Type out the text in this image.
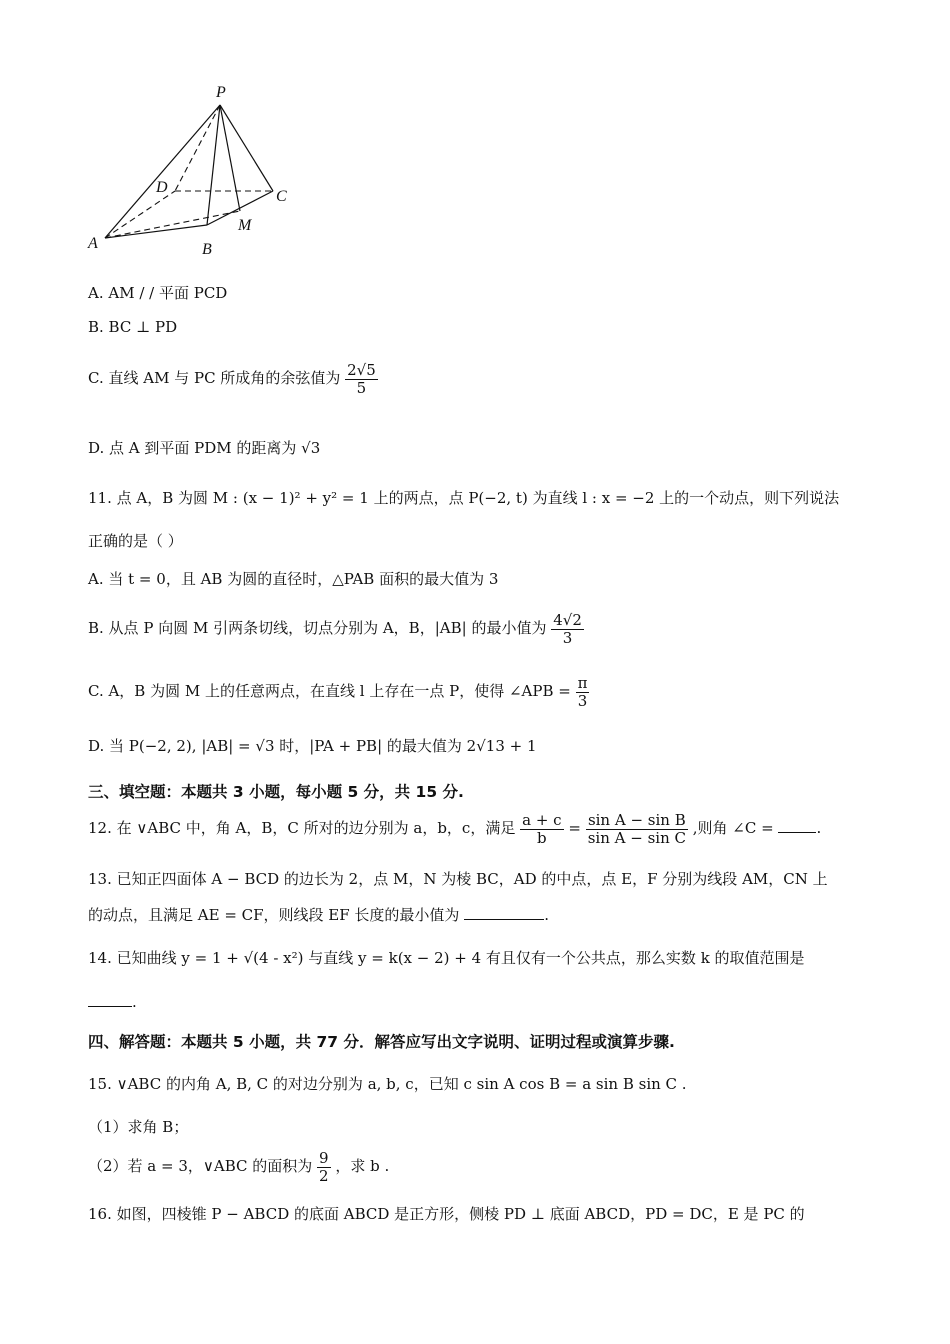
P
D
C
M
A	B
A. AM / / 平面 PCD
B. BC ⊥ PD
C. 直线 AM 与 PC 所成角的余弦值为 $\frac{2√5}{5}$
D. 点 A 到平面 PDM 的距离为 √3
11. 点 A，B 为圆 M : (x − 1)² + y² = 1 上的两点，点 P(−2, t) 为直线 l : x = −2 上的一个动点，则下列说法
正确的是（ ）
A. 当 t = 0，且 AB 为圆的直径时，△PAB 面积的最大值为 3
B. 从点 P 向圆 M 引两条切线，切点分别为 A，B，|AB| 的最小值为 $\frac{4√2}{3}$
C. A，B 为圆 M 上的任意两点，在直线 l 上存在一点 P，使得 ∠APB = $\frac{\pi}{3}$
D. 当 P(−2, 2), |AB| = √3 时，|PA + PB| 的最大值为 2√13 + 1
三、填空题：本题共 3 小题，每小题 5 分，共 15 分.
12. 在 ∨ABC 中，角 A，B，C 所对的边分别为 a，b，c，满足 $\frac{a + c}{b} = \frac{\text{sin A − sin B}}{\text{sin A − sin C}}$ ,则角 ∠C =	.
13. 已知正四面体 A − BCD 的边长为 2，点 M，N 为棱 BC，AD 的中点，点 E，F 分别为线段 AM，CN 上
的动点，且满足 AE = CF，则线段 EF 长度的最小值为	.
14. 已知曲线 y = 1 + √(4 - x²) 与直线 y = k(x − 2) + 4 有且仅有一个公共点，那么实数 k 的取值范围是
.
四、解答题：本题共 5 小题，共 77 分．解答应写出文字说明、证明过程或演算步骤.
15. ∨ABC 的内角 A, B, C 的对边分别为 a, b, c，已知 c sin A cos B = a sin B sin C .
（1）求角 B；
（2）若 a = 3，∨ABC 的面积为 $\frac{9}{2}$ ，求 b .
16. 如图，四棱锥 P − ABCD 的底面 ABCD 是正方形，侧棱 PD ⊥ 底面 ABCD，PD = DC，E 是 PC 的
